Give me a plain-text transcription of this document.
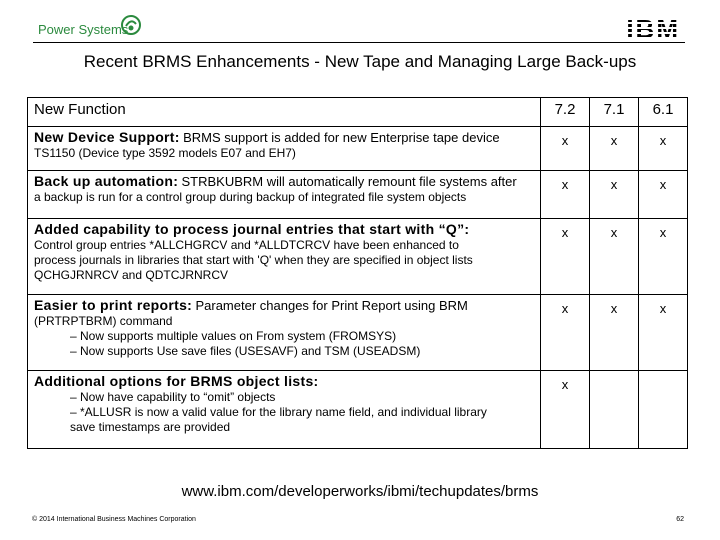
Power Systems	IBM
Recent BRMS Enhancements - New Tape and Managing Large Back-ups
New Function	7.2	7.1	6.1

New Device Support: BRMS support is added for new Enterprise tape device
TS1150 (Device type 3592 models E07 and EH7)	x	x	x

Back up automation: STRBKUBRM will automatically remount file systems after
a backup is run for a control group during backup of integrated file system objects	x	x	x

Added capability to process journal entries that start with “Q”:
Control group entries *ALLCHGRCV and *ALLDTCRCV have been enhanced to
process journals in libraries that start with 'Q' when they are specified in object lists
QCHGJRNRCV and QDTCJRNRCV	x	x	x

Easier to print reports: Parameter changes for Print Report using BRM
(PRTRPTBRM) command
– Now supports multiple values on From system (FROMSYS)
– Now supports Use save files (USESAVF) and TSM (USEADSM)	x	x	x

Additional options for BRMS object lists:
– Now have capability to “omit” objects
– *ALLUSR is now a valid value for the library name field, and individual library
save timestamps are provided	x		
www.ibm.com/developerworks/ibmi/techupdates/brms
© 2014 International Business Machines Corporation	62
